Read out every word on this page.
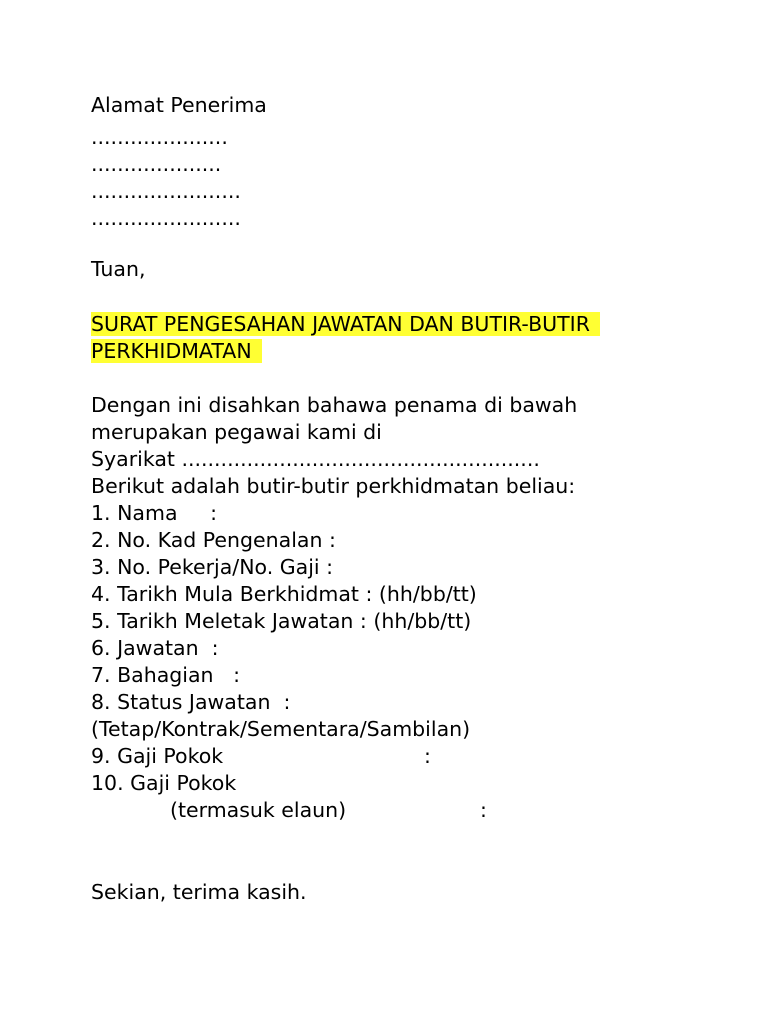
Alamat Penerima
.....................
....................
.......................
.......................
Tuan,
SURAT PENGESAHAN JAWATAN DAN BUTIR-BUTIR
PERKHIDMATAN
Dengan ini disahkan bahawa penama di bawah
merupakan pegawai kami di
Syarikat .......................................................
Berikut adalah butir-butir perkhidmatan beliau:
1. Nama     :
2. No. Kad Pengenalan :
3. No. Pekerja/No. Gaji :
4. Tarikh Mula Berkhidmat : (hh/bb/tt)
5. Tarikh Meletak Jawatan : (hh/bb/tt)
6. Jawatan  :
7. Bahagian   :
8. Status Jawatan  :
(Tetap/Kontrak/Sementara/Sambilan)
9. Gaji Pokok	:
10. Gaji Pokok
(termasuk elaun)	:
Sekian, terima kasih.
